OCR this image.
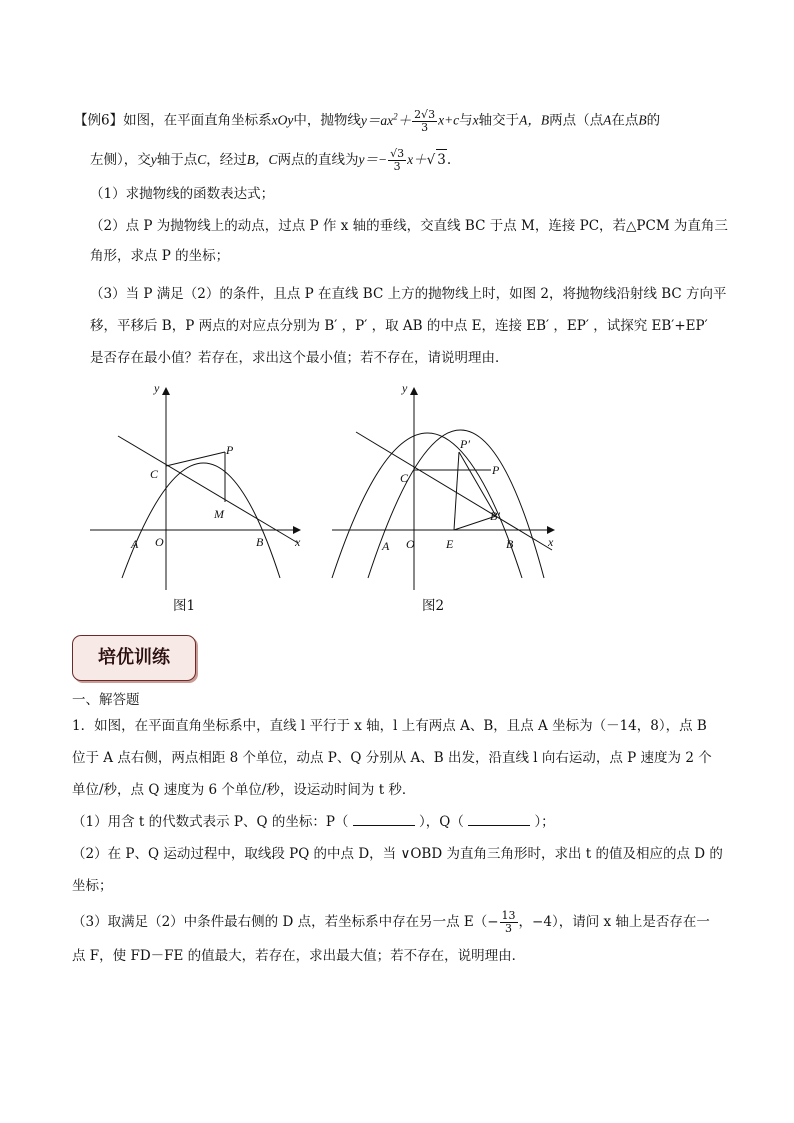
【例6】如图，在平面直角坐标系xOy中，抛物线$y=ax^2+ \frac{2√3}{3} x+c$与x轴交于A，B两点（点A在点B的
左侧），交y轴于点C，经过B，C两点的直线为$y=- \frac{√3}{3} x+√$ 3.
（1）求抛物线的函数表达式；
（2）点 P 为抛物线上的动点，过点 P 作 x 轴的垂线，交直线 BC 于点 M，连接 PC，若△PCM 为直角三
角形，求点 P 的坐标；
（3）当 P 满足（2）的条件，且点 P 在直线 BC 上方的抛物线上时，如图 2，将抛物线沿射线 BC 方向平
移，平移后 B，P 两点的对应点分别为 B′ ，P′ ，取 AB 的中点 E，连接 EB′ ，EP′ ，试探究 EB′+EP′
是否存在最小值？若存在，求出这个最小值；若不存在，请说明理由．
y
x
C
P
M
A O	B
图1
y
x
C
P′
P
B′
A O	E	B
图2
培优训练
一、解答题
1．如图，在平面直角坐标系中，直线 l 平行于 x 轴，l 上有两点 A、B，且点 A 坐标为（－14，8），点 B
位于 A 点右侧，两点相距 8 个单位，动点 P、Q 分别从 A、B 出发，沿直线 l 向右运动，点 P 速度为 2 个
单位/秒，点 Q 速度为 6 个单位/秒，设运动时间为 t 秒．
（1）用含 t 的代数式表示 P、Q 的坐标：P（	），Q（	）；
（2）在 P、Q 运动过程中，取线段 PQ 的中点 D，当 ∨OBD 为直角三角形时，求出 t 的值及相应的点 D 的
坐标；
（3）取满足（2）中条件最右侧的 D 点，若坐标系中存在另一点 $E(- \frac{13}{3}$ ，−4），请问 x 轴上是否存在一
点 F，使 FD－FE 的值最大，若存在，求出最大值；若不存在，说明理由．
